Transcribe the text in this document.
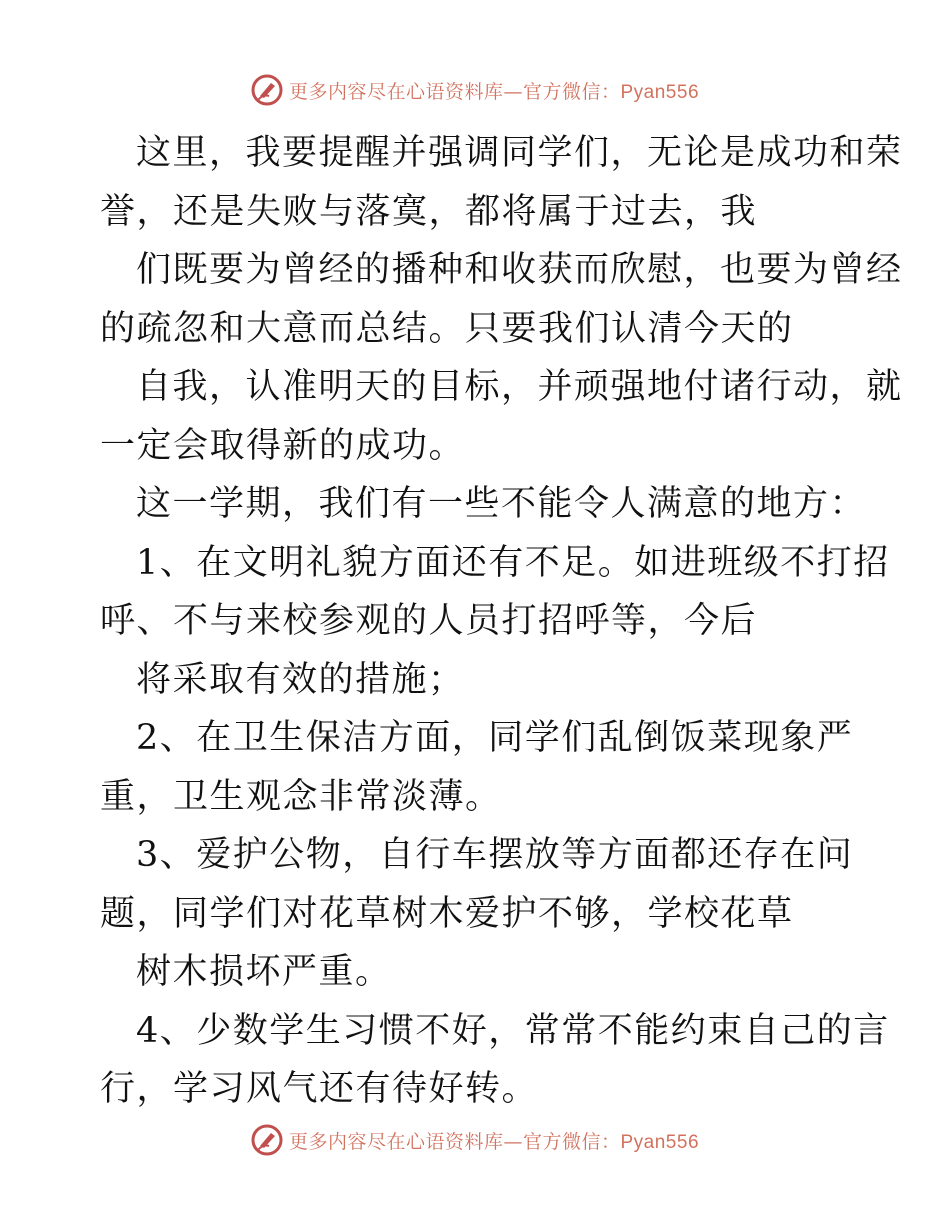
更多内容尽在心语资料库—官方微信：Pyan556
这里，我要提醒并强调同学们，无论是成功和荣
誉，还是失败与落寞，都将属于过去，我
们既要为曾经的播种和收获而欣慰，也要为曾经
的疏忽和大意而总结。只要我们认清今天的
自我，认准明天的目标，并顽强地付诸行动，就
一定会取得新的成功。
这一学期，我们有一些不能令人满意的地方：
1、在文明礼貌方面还有不足。如进班级不打招
呼、不与来校参观的人员打招呼等，今后
将采取有效的措施；
2、在卫生保洁方面，同学们乱倒饭菜现象严
重，卫生观念非常淡薄。
3、爱护公物，自行车摆放等方面都还存在问
题，同学们对花草树木爱护不够，学校花草
树木损坏严重。
4、少数学生习惯不好，常常不能约束自己的言
行，学习风气还有待好转。
更多内容尽在心语资料库—官方微信：Pyan556
